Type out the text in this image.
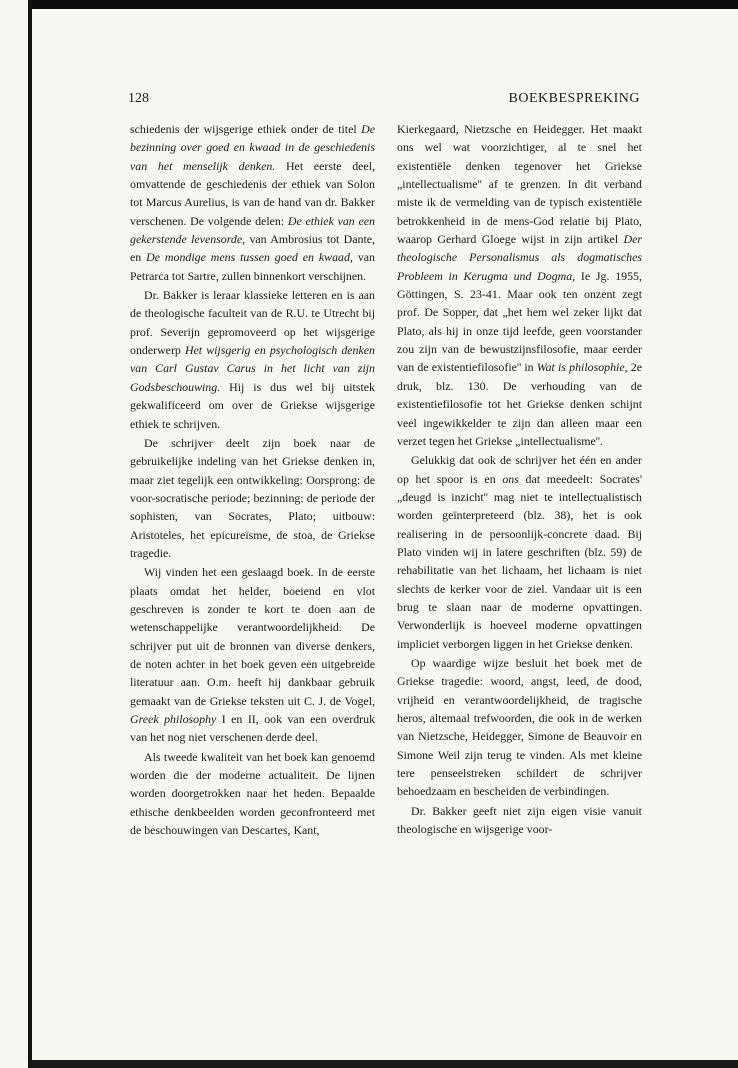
128	BOEKBESPREKING

schiedenis der wijsgerige ethiek onder de titel De bezinning over goed en kwaad in de geschiedenis van het menselijk denken. Het eerste deel, omvattende de geschiedenis der ethiek van Solon tot Marcus Aurelius, is van de hand van dr. Bakker verschenen. De volgende delen: De ethiek van een gekerstende levensorde, van Ambrosius tot Dante, en De mondige mens tussen goed en kwaad, van Petrarca tot Sartre, zullen binnenkort verschijnen.

Dr. Bakker is leraar klassieke letteren en is aan de theologische faculteit van de R.U. te Utrecht bij prof. Severijn gepromoveerd op het wijsgerige onderwerp Het wijsgerig en psychologisch denken van Carl Gustav Carus in het licht van zijn Godsbeschouwing. Hij is dus wel bij uitstek gekwalificeerd om over de Griekse wijsgerige ethiek te schrijven.

De schrijver deelt zijn boek naar de gebruikelijke indeling van het Griekse denken in, maar ziet tegelijk een ontwikkeling: Oorsprong: de voor-socratische periode; bezinning: de periode der sophisten, van Socrates, Plato; uitbouw: Aristoteles, het epicureïsme, de stoa, de Griekse tragedie.

Wij vinden het een geslaagd boek. In de eerste plaats omdat het helder, boeiend en vlot geschreven is zonder te kort te doen aan de wetenschappelijke verantwoordelijkheid. De schrijver put uit de bronnen van diverse denkers, de noten achter in het boek geven een uitgebreide literatuur aan. O.m. heeft hij dankbaar gebruik gemaakt van de Griekse teksten uit C. J. de Vogel, Greek philosophy I en II, ook van een overdruk van het nog niet verschenen derde deel.

Als tweede kwaliteit van het boek kan genoemd worden die der moderne actualiteit. De lijnen worden doorgetrokken naar het heden. Bepaalde ethische denkbeelden worden geconfronteerd met de beschouwingen van Descartes, Kant,

Kierkegaard, Nietzsche en Heidegger. Het maakt ons wel wat voorzichtiger, al te snel het existentiële denken tegenover het Griekse „intellectualisme'' af te grenzen. In dit verband miste ik de vermelding van de typisch existentiële betrokkenheid in de mens-God relatie bij Plato, waarop Gerhard Gloege wijst in zijn artikel Der theologische Personalismus als dogmatisches Probleem in Kerugma und Dogma, Ie Jg. 1955, Göttingen, S. 23-41. Maar ook ten onzent zegt prof. De Sopper, dat „het hem wel zeker lijkt dat Plato, als hij in onze tijd leefde, geen voorstander zou zijn van de bewustzijnsfilosofie, maar eerder van de existentiefilosofie'' in Wat is philosophie, 2e druk, blz. 130. De verhouding van de existentiefilosofie tot het Griekse denken schijnt veel ingewikkelder te zijn dan alleen maar een verzet tegen het Griekse „intellectualisme''.

Gelukkig dat ook de schrijver het één en ander op het spoor is en ons dat meedeelt: Socrates' „deugd is inzicht'' mag niet te intellectualistisch worden geïnterpreteerd (blz. 38), het is ook realisering in de persoonlijk-concrete daad. Bij Plato vinden wij in latere geschriften (blz. 59) de rehabilitatie van het lichaam, het lichaam is niet slechts de kerker voor de ziel. Vandaar uit is een brug te slaan naar de moderne opvattingen. Verwonderlijk is hoeveel moderne opvattingen impliciet verborgen liggen in het Griekse denken.

Op waardige wijze besluit het boek met de Griekse tragedie: woord, angst, leed, de dood, vrijheid en verantwoordelijkheid, de tragische heros, altemaal trefwoorden, die ook in de werken van Nietzsche, Heidegger, Simone de Beauvoir en Simone Weil zijn terug te vinden. Als met kleine tere penseelstreken schildert de schrijver behoedzaam en bescheiden de verbindingen.

Dr. Bakker geeft niet zijn eigen visie vanuit theologische en wijsgerige voor-
